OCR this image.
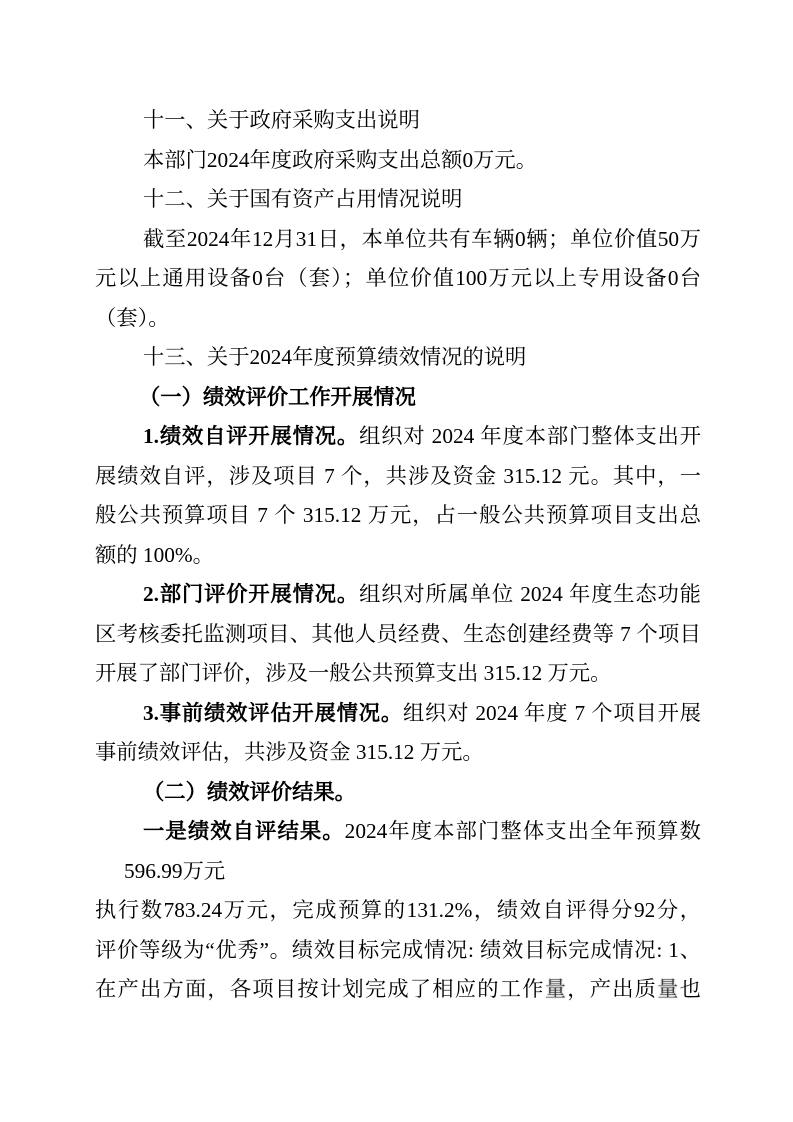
十一、关于政府采购支出说明
本部门2024年度政府采购支出总额0万元。
十二、关于国有资产占用情况说明
截至2024年12月31日，本单位共有车辆0辆；单位价值50万
元以上通用设备0台（套）；单位价值100万元以上专用设备0台
（套）。
十三、关于2024年度预算绩效情况的说明
（一）绩效评价工作开展情况
1.绩效自评开展情况。组织对 2024 年度本部门整体支出开
展绩效自评，涉及项目 7 个，共涉及资金 315.12 元。其中，一
般公共预算项目 7 个 315.12 万元，占一般公共预算项目支出总
额的 100%。
2.部门评价开展情况。组织对所属单位 2024 年度生态功能
区考核委托监测项目、其他人员经费、生态创建经费等 7 个项目
开展了部门评价，涉及一般公共预算支出 315.12 万元。
3.事前绩效评估开展情况。组织对 2024 年度 7 个项目开展
事前绩效评估，共涉及资金 315.12 万元。
（二）绩效评价结果。
一是绩效自评结果。2024年度本部门整体支出全年预算数
596.99万元
执行数783.24万元，完成预算的131.2%，绩效自评得分92分，
评价等级为“优秀”。绩效目标完成情况: 绩效目标完成情况: 1、
在产出方面，各项目按计划完成了相应的工作量，产出质量也
